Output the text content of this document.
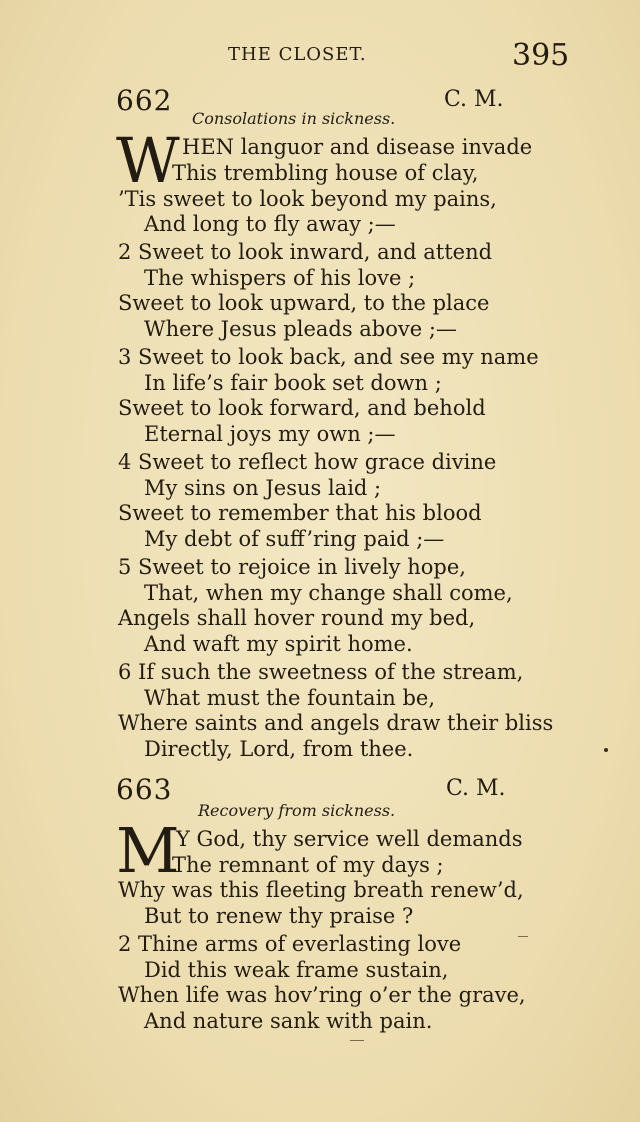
THE CLOSET.	395
662	C. M.
Consolations in sickness.
W HEN languor and disease invade
This trembling house of clay,
’Tis sweet to look beyond my pains,
And long to fly away ;—
2 Sweet to look inward, and attend
The whispers of his love ;
Sweet to look upward, to the place
Where Jesus pleads above ;—
3 Sweet to look back, and see my name
In life’s fair book set down ;
Sweet to look forward, and behold
Eternal joys my own ;—
4 Sweet to reflect how grace divine
My sins on Jesus laid ;
Sweet to remember that his blood
My debt of suff’ring paid ;—
5 Sweet to rejoice in lively hope,
That, when my change shall come,
Angels shall hover round my bed,
And waft my spirit home.
6 If such the sweetness of the stream,
What must the fountain be,
Where saints and angels draw their bliss
Directly, Lord, from thee.
663	C. M.
Recovery from sickness.
M
Y God, thy service well demands
The remnant of my days ;
Why was this fleeting breath renew’d,
But to renew thy praise ?
2 Thine arms of everlasting love
Did this weak frame sustain,
When life was hov’ring o’er the grave,
And nature sank with pain.
